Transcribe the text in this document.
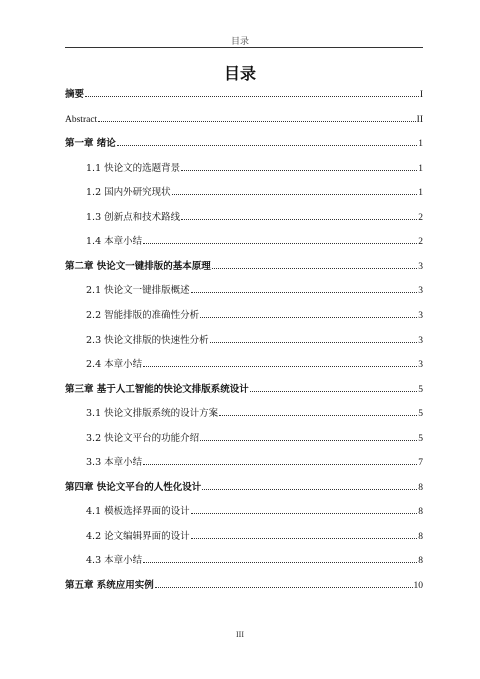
目录
目录
摘要	I
Abstract	II
第一章 绪论	1
1.1 快论文的选题背景	1
1.2 国内外研究现状	1
1.3 创新点和技术路线	2
1.4 本章小结	2
第二章 快论文一键排版的基本原理	3
2.1 快论文一键排版概述	3
2.2 智能排版的准确性分析	3
2.3 快论文排版的快速性分析	3
2.4 本章小结	3
第三章 基于人工智能的快论文排版系统设计	5
3.1 快论文排版系统的设计方案	5
3.2 快论文平台的功能介绍	5
3.3 本章小结	7
第四章 快论文平台的人性化设计	8
4.1 模板选择界面的设计	8
4.2 论文编辑界面的设计	8
4.3 本章小结	8
第五章 系统应用实例	10
III
